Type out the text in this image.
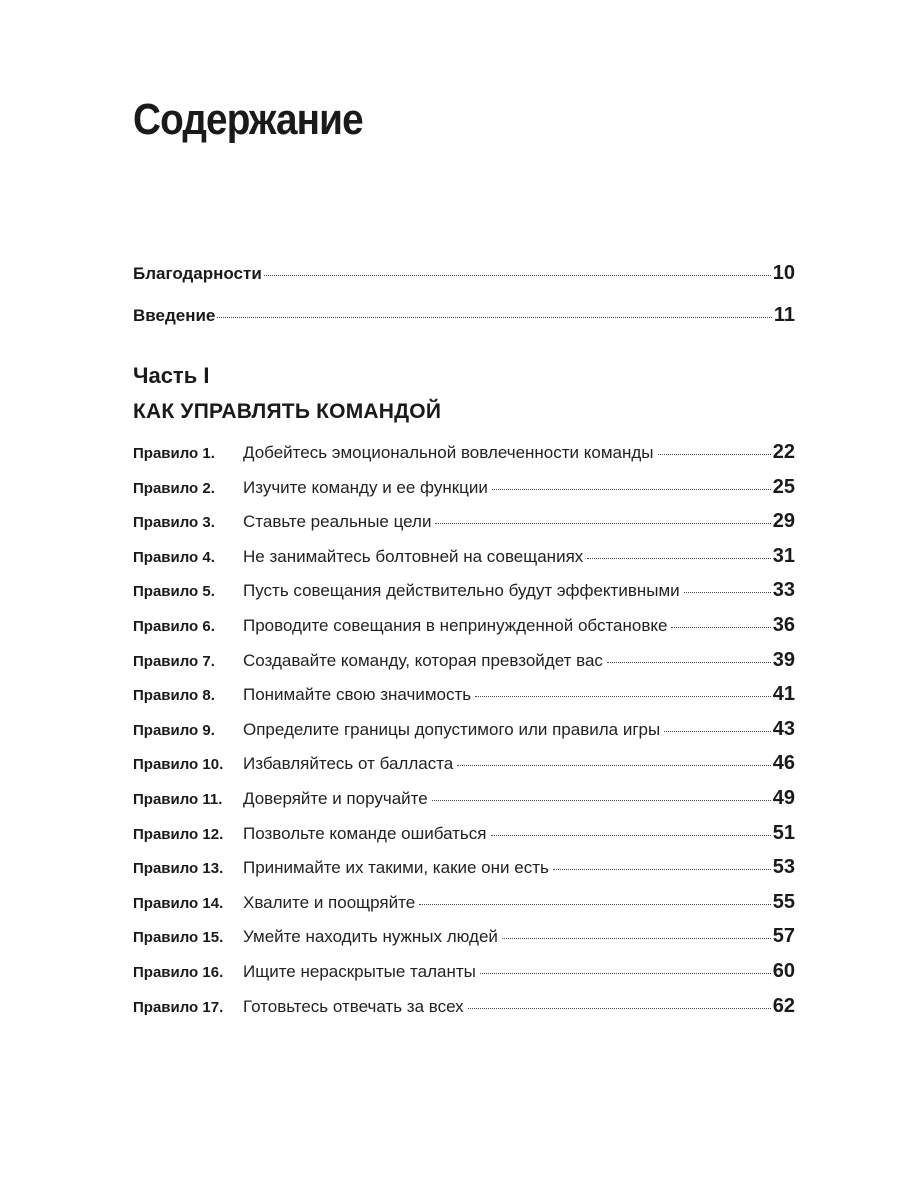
Содержание
Благодарности	10
Введение	11
Часть I
КАК УПРАВЛЯТЬ КОМАНДОЙ
Правило 1.	Добейтесь эмоциональной вовлеченности команды	22
Правило 2.	Изучите команду и ее функции	25
Правило 3.	Ставьте реальные цели	29
Правило 4.	Не занимайтесь болтовней на совещаниях	31
Правило 5.	Пусть совещания действительно будут эффективными	33
Правило 6.	Проводите совещания в непринужденной обстановке	36
Правило 7.	Создавайте команду, которая превзойдет вас	39
Правило 8.	Понимайте свою значимость	41
Правило 9.	Определите границы допустимого или правила игры	43
Правило 10.	Избавляйтесь от балласта	46
Правило 11.	Доверяйте и поручайте	49
Правило 12.	Позвольте команде ошибаться	51
Правило 13.	Принимайте их такими, какие они есть	53
Правило 14.	Хвалите и поощряйте	55
Правило 15.	Умейте находить нужных людей	57
Правило 16.	Ищите нераскрытые таланты	60
Правило 17.	Готовьтесь отвечать за всех	62
